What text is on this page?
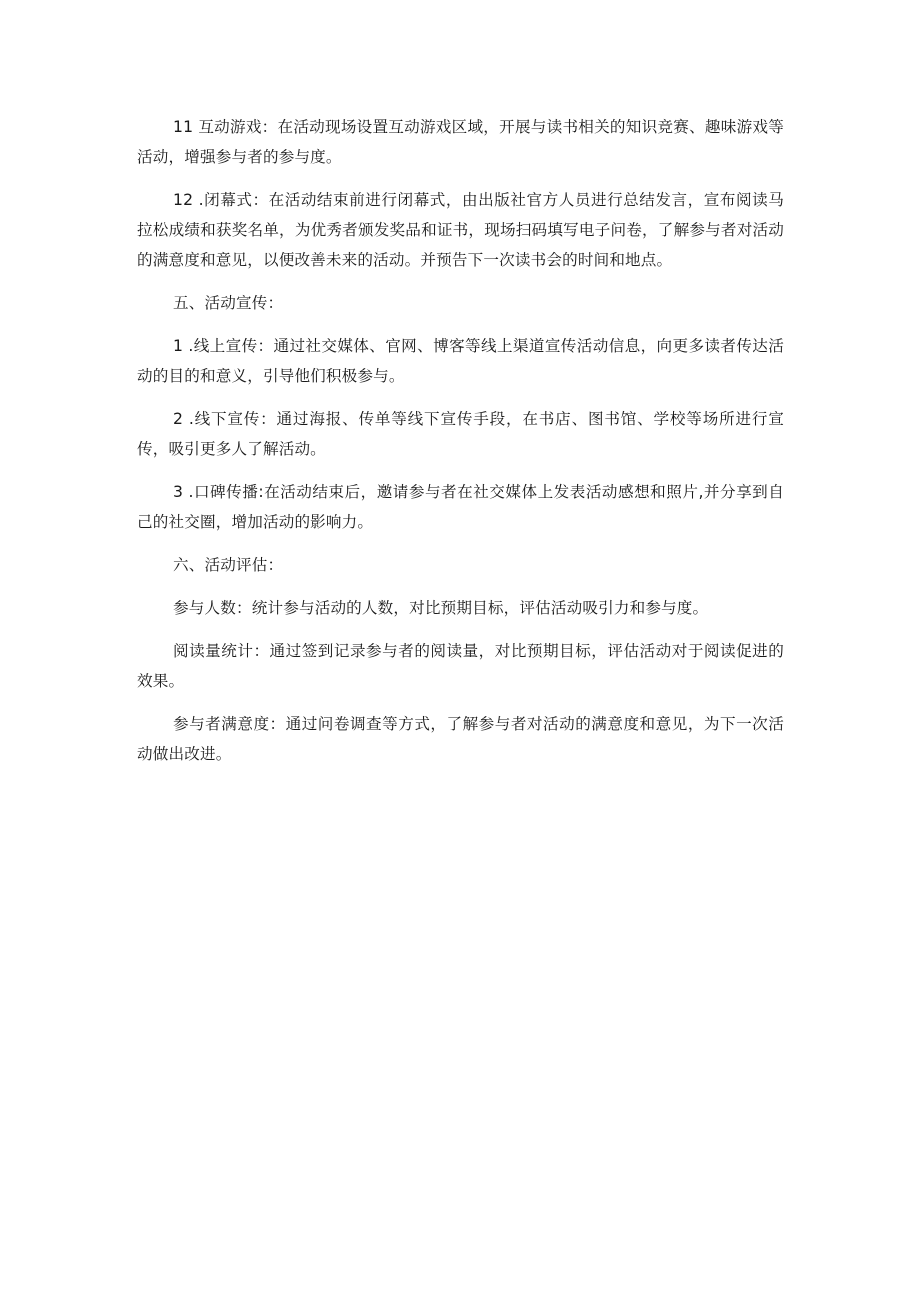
11 互动游戏：在活动现场设置互动游戏区域，开展与读书相关的知识竞赛、趣味游戏等活动，增强参与者的参与度。

12 .闭幕式：在活动结束前进行闭幕式，由出版社官方人员进行总结发言，宣布阅读马拉松成绩和获奖名单，为优秀者颁发奖品和证书，现场扫码填写电子问卷，了解参与者对活动的满意度和意见，以便改善未来的活动。并预告下一次读书会的时间和地点。

五、活动宣传：

1 .线上宣传：通过社交媒体、官网、博客等线上渠道宣传活动信息，向更多读者传达活动的目的和意义，引导他们积极参与。

2 .线下宣传：通过海报、传单等线下宣传手段，在书店、图书馆、学校等场所进行宣传，吸引更多人了解活动。

3 .口碑传播:在活动结束后，邀请参与者在社交媒体上发表活动感想和照片,并分享到自己的社交圈，增加活动的影响力。

六、活动评估：

参与人数：统计参与活动的人数，对比预期目标，评估活动吸引力和参与度。

阅读量统计：通过签到记录参与者的阅读量，对比预期目标，评估活动对于阅读促进的效果。

参与者满意度：通过问卷调查等方式，了解参与者对活动的满意度和意见，为下一次活动做出改进。
